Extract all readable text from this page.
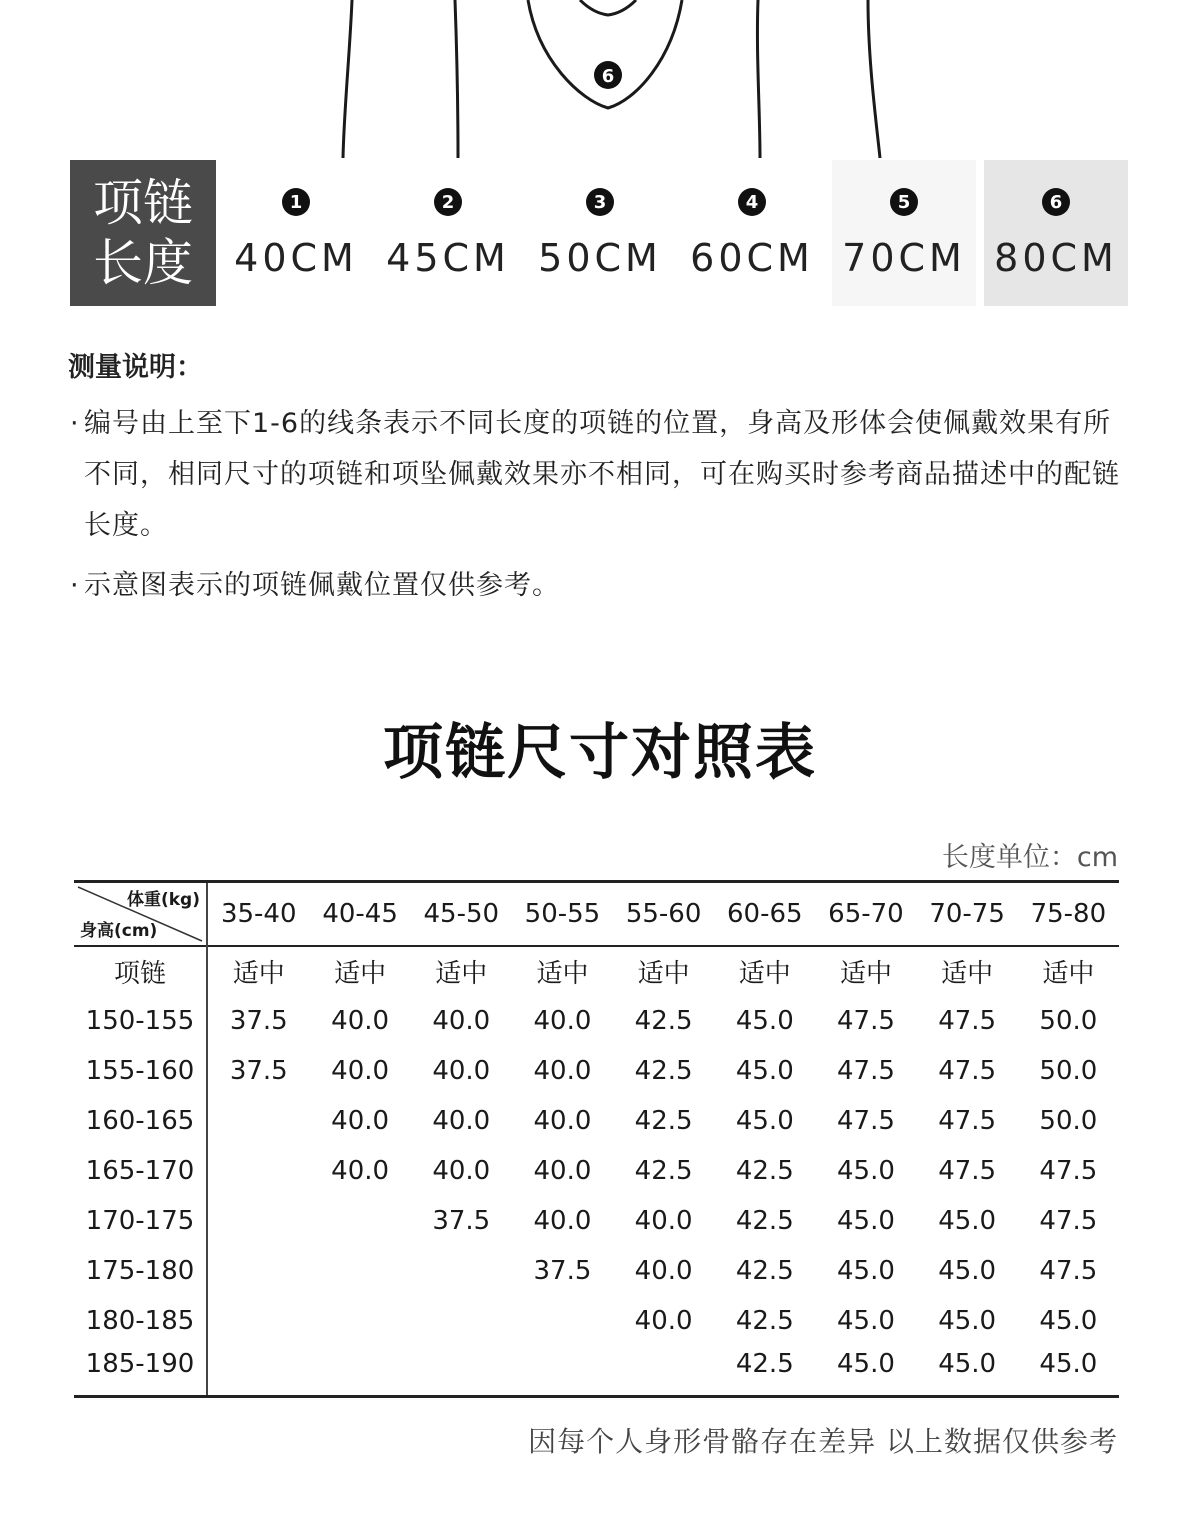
6
项链
长度
1
40CM
2
45CM
3
50CM
4
60CM
5
70CM
6
80CM
测量说明：
· 编号由上至下1-6的线条表示不同长度的项链的位置，身高及形体会使佩戴效果有所不同，相同尺寸的项链和项坠佩戴效果亦不相同，可在购买时参考商品描述中的配链长度。
· 示意图表示的项链佩戴位置仅供参考。
项链尺寸对照表
长度单位：cm
体重(kg)
身高(cm)	35-40	40-45	45-50	50-55	55-60	60-65	65-70	70-75	75-80
项链	适中	适中	适中	适中	适中	适中	适中	适中	适中
150-155	37.5	40.0	40.0	40.0	42.5	45.0	47.5	47.5	50.0
155-160	37.5	40.0	40.0	40.0	42.5	45.0	47.5	47.5	50.0
160-165		40.0	40.0	40.0	42.5	45.0	47.5	47.5	50.0
165-170		40.0	40.0	40.0	42.5	42.5	45.0	47.5	47.5
170-175			37.5	40.0	40.0	42.5	45.0	45.0	47.5
175-180				37.5	40.0	42.5	45.0	45.0	47.5
180-185					40.0	42.5	45.0	45.0	45.0
185-190						42.5	45.0	45.0	45.0
因每个人身形骨骼存在差异 以上数据仅供参考
